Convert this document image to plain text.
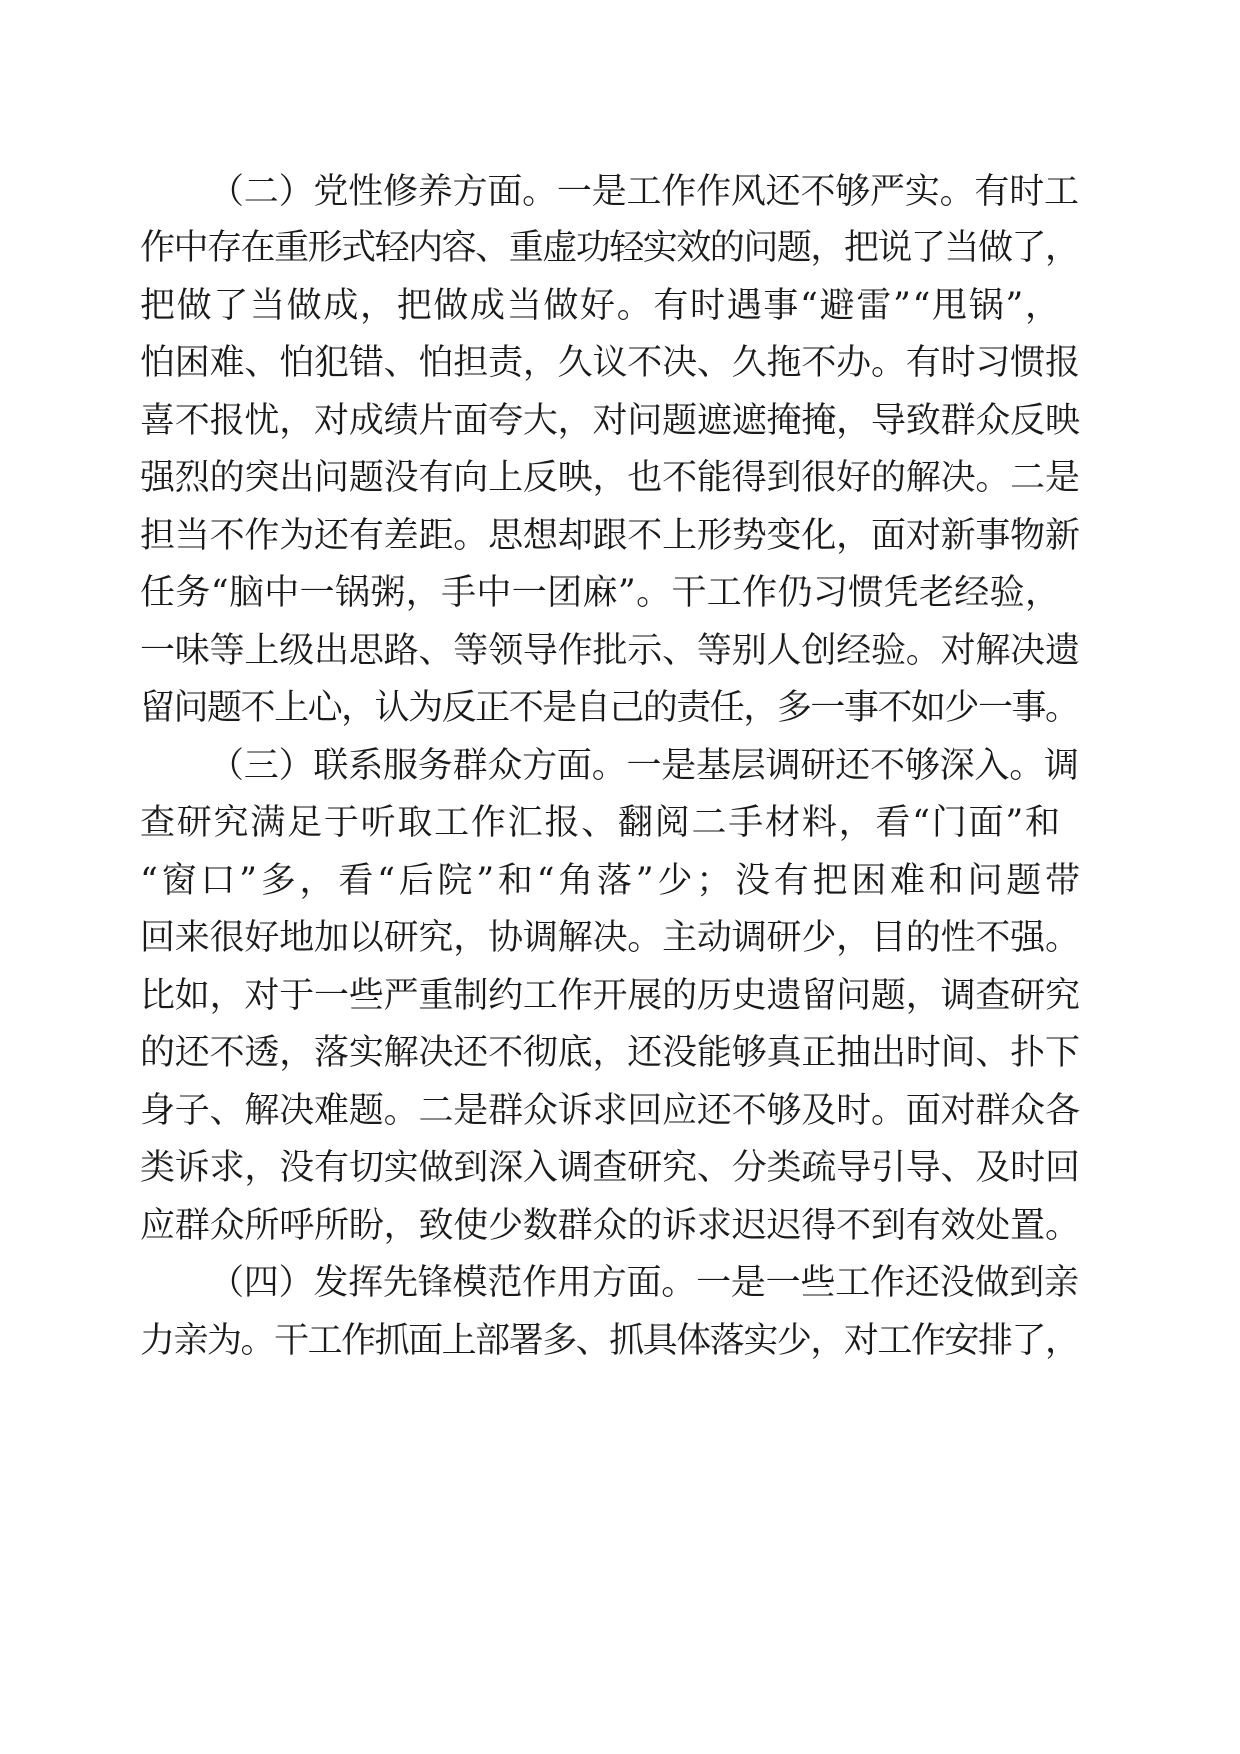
（二）党性修养方面。一是工作作风还不够严实。有时工
作中存在重形式轻内容、重虚功轻实效的问题，把说了当做了，
把做了当做成，把做成当做好。有时遇事“避雷”“甩锅”，
怕困难、怕犯错、怕担责，久议不决、久拖不办。有时习惯报
喜不报忧，对成绩片面夸大，对问题遮遮掩掩，导致群众反映
强烈的突出问题没有向上反映，也不能得到很好的解决。二是
担当不作为还有差距。思想却跟不上形势变化，面对新事物新
任务“脑中一锅粥，手中一团麻”。干工作仍习惯凭老经验，
一味等上级出思路、等领导作批示、等别人创经验。对解决遗
留问题不上心，认为反正不是自己的责任，多一事不如少一事。
（三）联系服务群众方面。一是基层调研还不够深入。调
查研究满足于听取工作汇报、翻阅二手材料，看“门面”和
“窗口”多，看“后院”和“角落”少；没有把困难和问题带
回来很好地加以研究，协调解决。主动调研少，目的性不强。
比如，对于一些严重制约工作开展的历史遗留问题，调查研究
的还不透，落实解决还不彻底，还没能够真正抽出时间、扑下
身子、解决难题。二是群众诉求回应还不够及时。面对群众各
类诉求，没有切实做到深入调查研究、分类疏导引导、及时回
应群众所呼所盼，致使少数群众的诉求迟迟得不到有效处置。
（四）发挥先锋模范作用方面。一是一些工作还没做到亲
力亲为。干工作抓面上部署多、抓具体落实少，对工作安排了，
